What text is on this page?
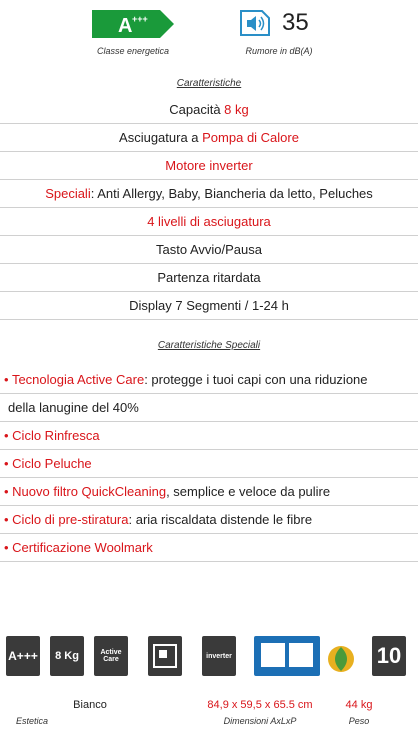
A +++
Classe energetica
35
Rumore in dB(A)
Caratteristiche
Capacità 8 kg
Asciugatura a Pompa di Calore
Motore inverter
Speciali: Anti Allergy, Baby, Biancheria da letto, Peluches
4 livelli di asciugatura
Tasto Avvio/Pausa
Partenza ritardata
Display 7 Segmenti / 1-24 h
Caratteristiche Speciali
• Tecnologia Active Care: protegge i tuoi capi con una riduzione
della lanugine del 40%
• Ciclo Rinfresca
• Ciclo Peluche
• Nuovo filtro QuickCleaning, semplice e veloce da pulire
• Ciclo di pre-stiratura: aria riscaldata distende le fibre
• Certificazione Woolmark
A+++	8 Kg	Active Care	inverter	10
Bianco
Estetica
84,9 x 59,5 x 65.5 cm
Dimensioni AxLxP
44 kg
Peso
